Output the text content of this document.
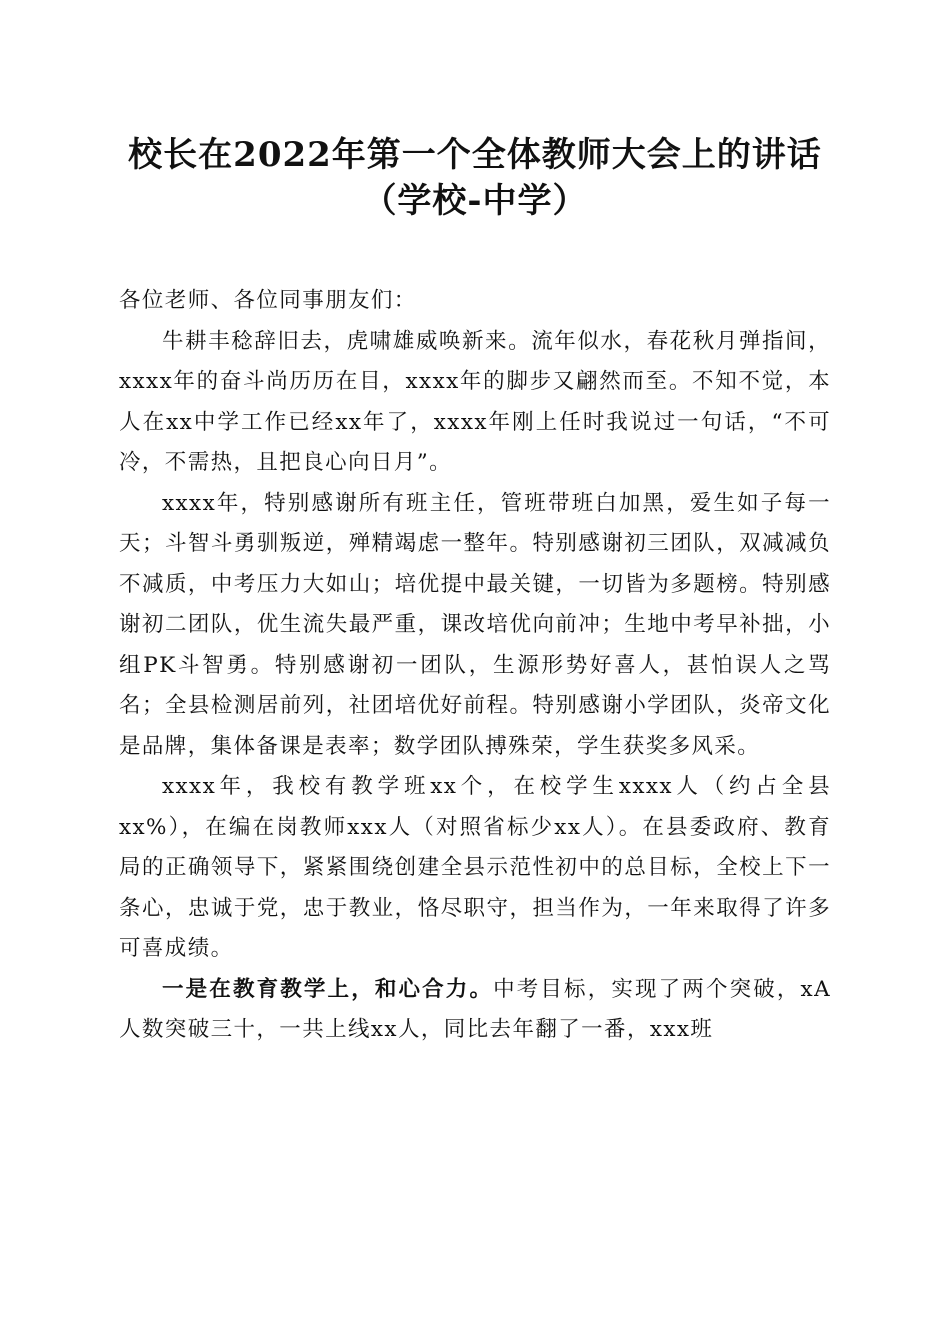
校长在2022年第一个全体教师大会上的讲话
（学校-中学）

各位老师、各位同事朋友们：

牛耕丰稔辞旧去，虎啸雄威唤新来。流年似水，春花秋月弹指间，xxxx年的奋斗尚历历在目，xxxx年的脚步又翩然而至。不知不觉，本人在xx中学工作已经xx年了，xxxx年刚上任时我说过一句话，“不可冷，不需热，且把良心向日月”。

xxxx年，特别感谢所有班主任，管班带班白加黑，爱生如子每一天；斗智斗勇驯叛逆，殚精竭虑一整年。特别感谢初三团队，双减减负不减质，中考压力大如山；培优提中最关键，一切皆为多题榜。特别感谢初二团队，优生流失最严重，课改培优向前冲；生地中考早补拙，小组PK斗智勇。特别感谢初一团队，生源形势好喜人，甚怕误人之骂名；全县检测居前列，社团培优好前程。特别感谢小学团队，炎帝文化是品牌，集体备课是表率；数学团队搏殊荣，学生获奖多风采。

xxxx年，我校有教学班xx个，在校学生xxxx人（约占全县xx%），在编在岗教师xxx人（对照省标少xx人）。在县委政府、教育局的正确领导下，紧紧围绕创建全县示范性初中的总目标，全校上下一条心，忠诚于党，忠于教业，恪尽职守，担当作为，一年来取得了许多可喜成绩。

一是在教育教学上，和心合力。中考目标，实现了两个突破，xA人数突破三十，一共上线xx人，同比去年翻了一番，xxx班
